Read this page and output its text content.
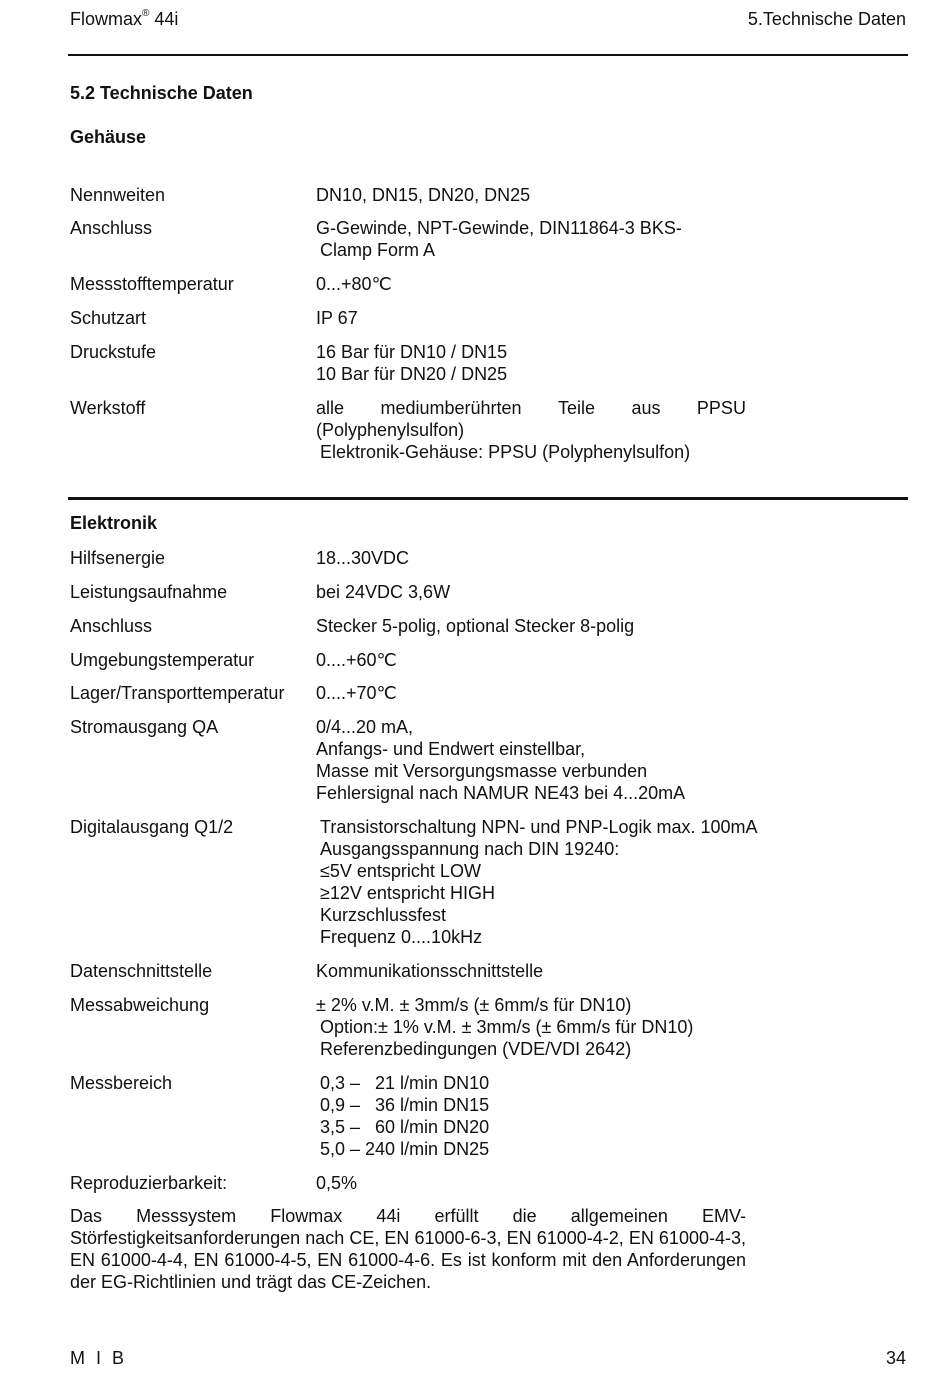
Flowmax® 44i	5.Technische Daten
5.2 Technische Daten
Gehäuse
Nennweiten	DN10, DN15, DN20, DN25
Anschluss	G-Gewinde, NPT-Gewinde, DIN11864-3 BKS-
Clamp Form A
Messstofftemperatur	0...+80℃
Schutzart	IP 67
Druckstufe	16 Bar für DN10 / DN15
10 Bar für DN20 / DN25
Werkstoff	alle mediumberührten Teile aus PPSU
(Polyphenylsulfon)
Elektronik-Gehäuse: PPSU (Polyphenylsulfon)
Elektronik
Hilfsenergie	18...30VDC
Leistungsaufnahme	bei 24VDC 3,6W
Anschluss	Stecker 5-polig, optional Stecker 8-polig
Umgebungstemperatur	0....+60℃
Lager/Transporttemperatur 0....+70℃
Stromausgang QA	0/4...20 mA,
Anfangs- und Endwert einstellbar,
Masse mit Versorgungsmasse verbunden
Fehlersignal nach NAMUR NE43 bei 4...20mA
Digitalausgang Q1/2	Transistorschaltung NPN- und PNP-Logik max. 100mA
Ausgangsspannung nach DIN 19240:
≤5V entspricht LOW
≥12V entspricht HIGH
Kurzschlussfest
Frequenz 0....10kHz
Datenschnittstelle	Kommunikationsschnittstelle
Messabweichung	± 2% v.M. ± 3mm/s (± 6mm/s für DN10)
Option:± 1% v.M. ± 3mm/s (± 6mm/s für DN10)
Referenzbedingungen (VDE/VDI 2642)
Messbereich	0,3 –   21 l/min DN10
0,9 –   36 l/min DN15
3,5 –   60 l/min DN20
5,0 – 240 l/min DN25
Reproduzierbarkeit:	0,5%
Das Messsystem Flowmax 44i erfüllt die allgemeinen EMV-Störfestigkeitsanforderungen nach CE, EN 61000-6-3, EN 61000-4-2, EN 61000-4-3, EN 61000-4-4, EN 61000-4-5, EN 61000-4-6. Es ist konform mit den Anforderungen der EG-Richtlinien und trägt das CE-Zeichen.
M I B	34
